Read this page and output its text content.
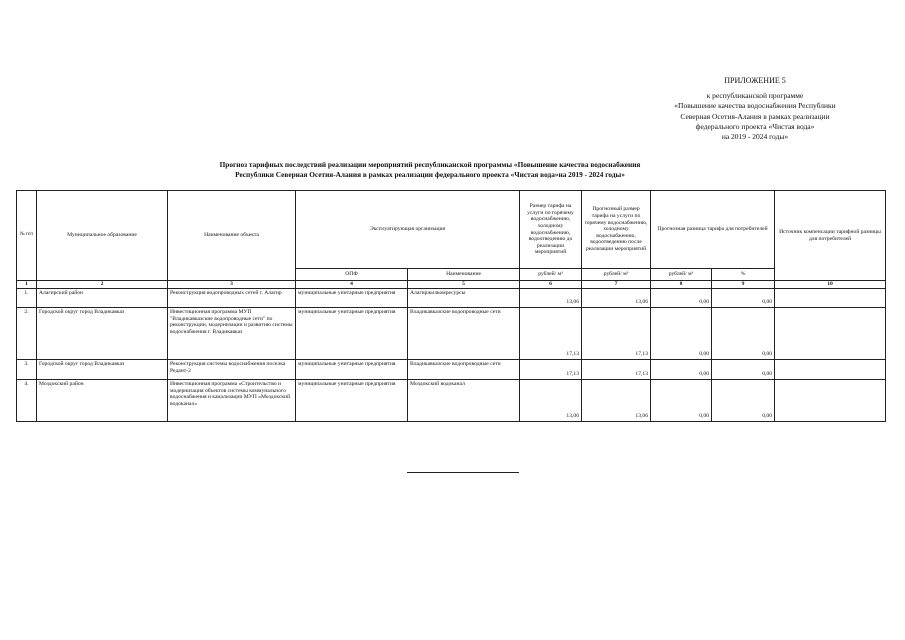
ПРИЛОЖЕНИЕ 5
к республиканской программе
«Повышение качества водоснабжения Республики
Северная Осетия-Алания в рамках реализации
федерального проекта «Чистая вода»
на 2019 - 2024 годы»
Прогноз тарифных последствий реализации мероприятий республиканской программы «Повышение качества водоснабжения
Республики Северная Осетия-Алания в рамках реализации федерального проекта «Чистая вода»на 2019 - 2024 годы»
№ п/п	Муниципальное образование	Наименование объекта	Эксплуатирующая организация		Размер тарифа на услуги по горячему водоснабжению, холодному водоснабжению, водоотведению до реализации мероприятий	Прогнозный размер тарифа на услуги по горячему водоснабжению, холодному водоснабжению, водоотведению после реализации мероприятий	Прогнозная разница тарифа для потребителей		Источник компенсации тарифной разницы для потребителей
			ОПФ	Наименование	рублей/ м³	рублей/ м³	рублей/ м³	%	
1	2	3	4	5	6	7	8	9	10
1.	Алагирский район	Реконструкция водопроводных сетей г. Алагир	муниципальные унитарные предприятия	Алагиржилкомресурсы	13,06	13,06	0,00	0,00	
2.	Городской округ город Владикавказ	Инвестиционная программа МУП "Владикавказские водопроводные сети" по реконструкции, модернизации и развитию системы водоснабжения г. Владикавказ	муниципальные унитарные предприятия	Владикавказские водопроводные сети	17,13	17,13	0,00	0,00	
3.	Городской округ город Владикавказ	Реконструкция системы водоснабжения поселка Редант-2	муниципальные унитарные предприятия	Владикавказские водопроводные сети	17,13	17,13	0,00	0,00	
4.	Моздокский район	Инвестиционная программа «Строительство и модернизация объектов системы коммунального водоснабжения и канализации МУП «Моздокский водоканал»	муниципальные унитарные предприятия	Моздокский водоканал	13,06	13,06	0,00	0,00	
